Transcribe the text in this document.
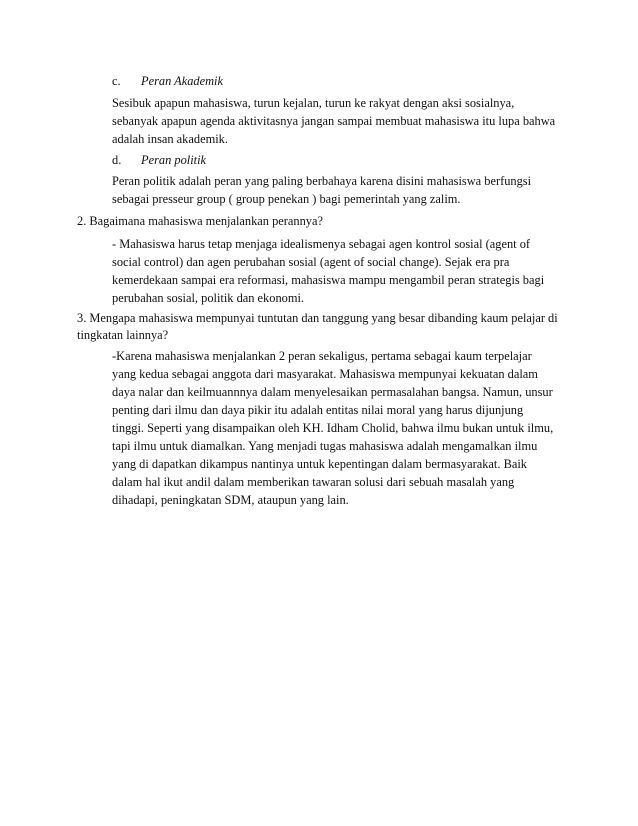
c. Peran Akademik
Sesibuk apapun mahasiswa, turun kejalan, turun ke rakyat dengan aksi sosialnya,
sebanyak apapun agenda aktivitasnya jangan sampai membuat mahasiswa itu lupa bahwa
adalah insan akademik.
d. Peran politik
Peran politik adalah peran yang paling berbahaya karena disini mahasiswa berfungsi
sebagai presseur group ( group penekan ) bagi pemerintah yang zalim.
2. Bagaimana mahasiswa menjalankan perannya?
- Mahasiswa harus tetap menjaga idealismenya sebagai agen kontrol sosial (agent of
social control) dan agen perubahan sosial (agent of social change). Sejak era pra
kemerdekaan sampai era reformasi, mahasiswa mampu mengambil peran strategis bagi
perubahan sosial, politik dan ekonomi.
3. Mengapa mahasiswa mempunyai tuntutan dan tanggung yang besar dibanding kaum pelajar di
tingkatan lainnya?
-Karena mahasiswa menjalankan 2 peran sekaligus, pertama sebagai kaum terpelajar
yang kedua sebagai anggota dari masyarakat. Mahasiswa mempunyai kekuatan dalam
daya nalar dan keilmuannnya dalam menyelesaikan permasalahan bangsa. Namun, unsur
penting dari ilmu dan daya pikir itu adalah entitas nilai moral yang harus dijunjung
tinggi. Seperti yang disampaikan oleh KH. Idham Cholid, bahwa ilmu bukan untuk ilmu,
tapi ilmu untuk diamalkan. Yang menjadi tugas mahasiswa adalah mengamalkan ilmu
yang di dapatkan dikampus nantinya untuk kepentingan dalam bermasyarakat. Baik
dalam hal ikut andil dalam memberikan tawaran solusi dari sebuah masalah yang
dihadapi, peningkatan SDM, ataupun yang lain.
